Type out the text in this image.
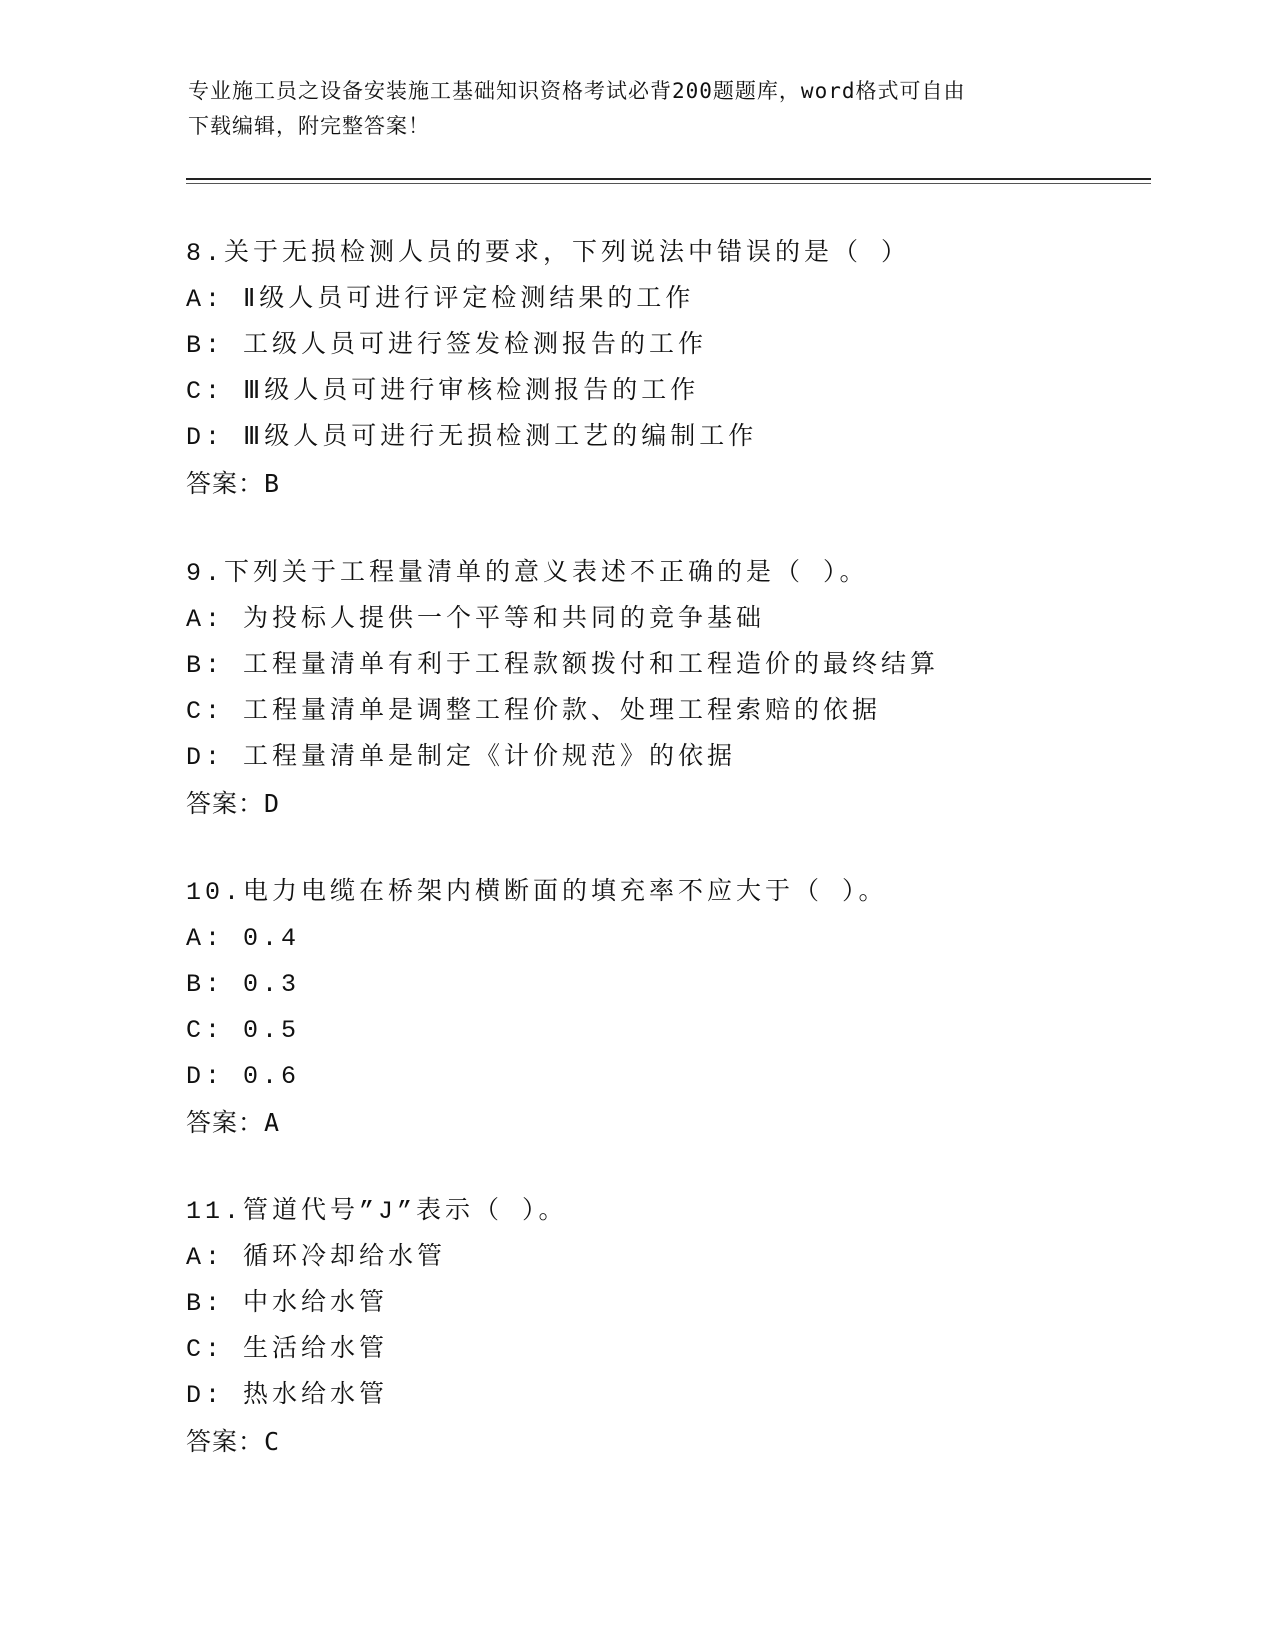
专业施工员之设备安装施工基础知识资格考试必背200题题库，word格式可自由
下载编辑，附完整答案！
8.关于无损检测人员的要求，下列说法中错误的是（ ）
A: Ⅱ级人员可进行评定检测结果的工作
B: 工级人员可进行签发检测报告的工作
C: Ⅲ级人员可进行审核检测报告的工作
D: Ⅲ级人员可进行无损检测工艺的编制工作
答案：B
9.下列关于工程量清单的意义表述不正确的是（ ）。
A: 为投标人提供一个平等和共同的竞争基础
B: 工程量清单有利于工程款额拨付和工程造价的最终结算
C: 工程量清单是调整工程价款、处理工程索赔的依据
D: 工程量清单是制定《计价规范》的依据
答案：D
10.电力电缆在桥架内横断面的填充率不应大于（ ）。
A: 0.4
B: 0.3
C: 0.5
D: 0.6
答案：A
11.管道代号”J”表示（ ）。
A: 循环冷却给水管
B: 中水给水管
C: 生活给水管
D: 热水给水管
答案：C
